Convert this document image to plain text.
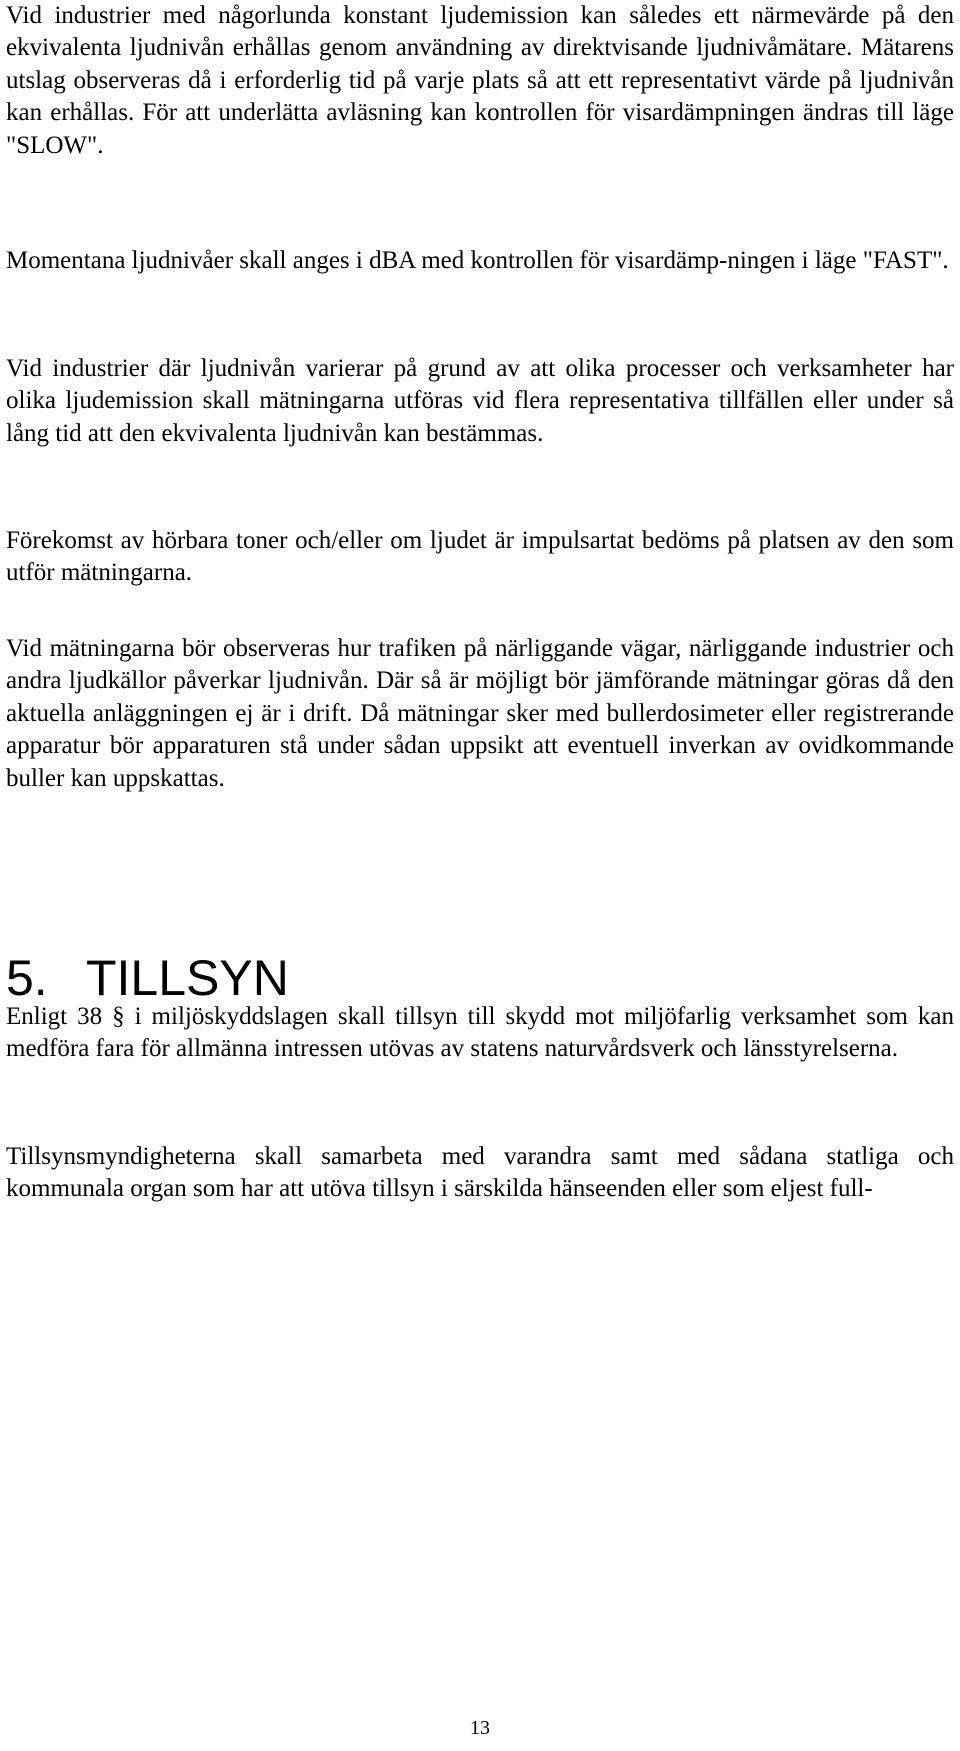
Vid industrier med någorlunda konstant ljudemission kan således ett närmevärde på den ekvivalenta ljudnivån erhållas genom användning av direktvisande ljudnivåmätare. Mätarens utslag observeras då i erforderlig tid på varje plats så att ett representativt värde på ljudnivån kan erhållas. För att underlätta avläsning kan kontrollen för visardämpningen ändras till läge "SLOW".

Momentana ljudnivåer skall anges i dBA med kontrollen för visardämp-ningen i läge "FAST".

Vid industrier där ljudnivån varierar på grund av att olika processer och verksamheter har olika ljudemission skall mätningarna utföras vid flera representativa tillfällen eller under så lång tid att den ekvivalenta ljudnivån kan bestämmas.

Förekomst av hörbara toner och/eller om ljudet är impulsartat bedöms på platsen av den som utför mätningarna.

Vid mätningarna bör observeras hur trafiken på närliggande vägar, närliggande industrier och andra ljudkällor påverkar ljudnivån. Där så är möjligt bör jämförande mätningar göras då den aktuella anläggningen ej är i drift. Då mätningar sker med bullerdosimeter eller registrerande apparatur bör apparaturen stå under sådan uppsikt att eventuell inverkan av ovidkommande buller kan uppskattas.

5. TILLSYN

Enligt 38 § i miljöskyddslagen skall tillsyn till skydd mot miljöfarlig verksamhet som kan medföra fara för allmänna intressen utövas av statens naturvårdsverk och länsstyrelserna.

Tillsynsmyndigheterna skall samarbeta med varandra samt med sådana statliga och kommunala organ som har att utöva tillsyn i särskilda hänseenden eller som eljest full-

13
